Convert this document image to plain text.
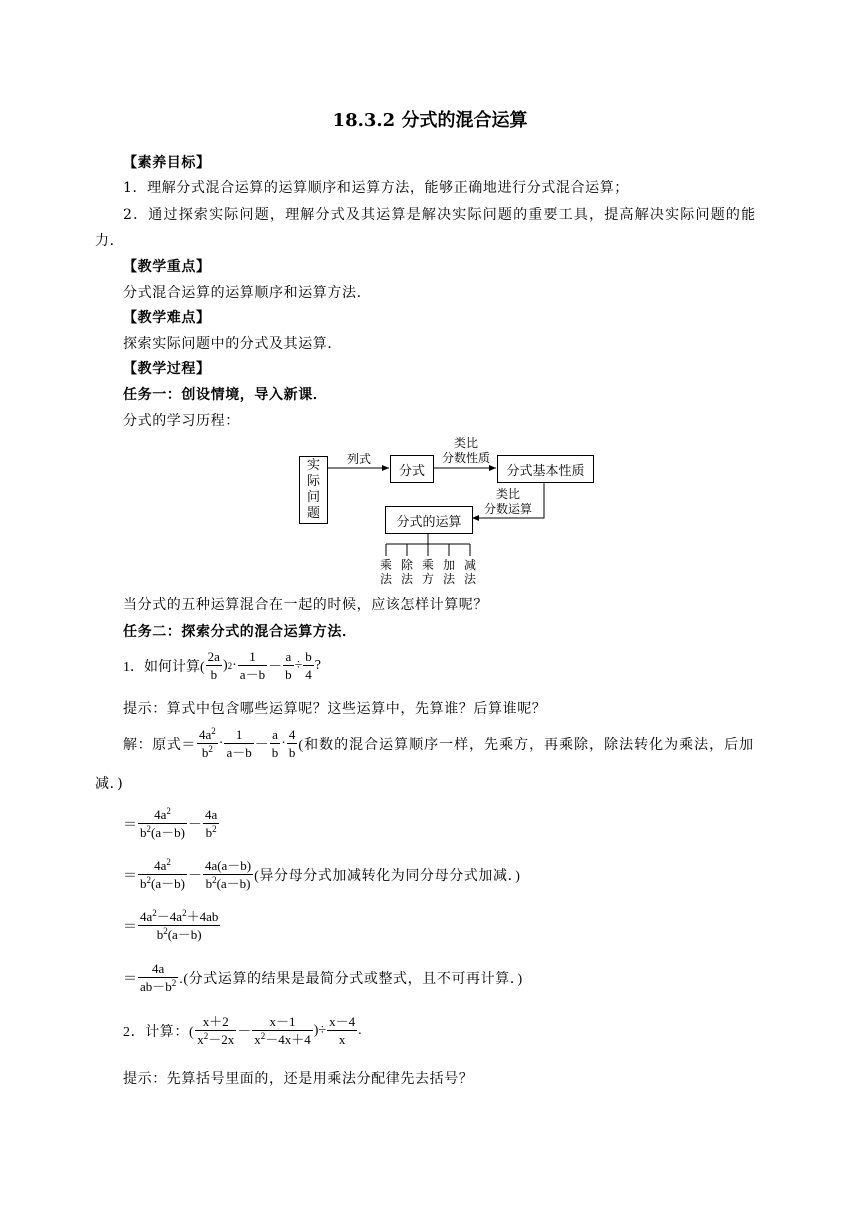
18.3.2 分式的混合运算
【素养目标】
1．理解分式混合运算的运算顺序和运算方法，能够正确地进行分式混合运算；
2．通过探索实际问题，理解分式及其运算是解决实际问题的重要工具，提高解决实际问题的能
力．
【教学重点】
分式混合运算的运算顺序和运算方法．
【教学难点】
探索实际问题中的分式及其运算．
【教学过程】
任务一：创设情境，导入新课．
分式的学习历程：
实
际
问
题
列式
分式
类比
分数性质
分式基本性质
类比
分数运算
分式的运算
乘
法
除
法
乘
方
加
法
减
法
当分式的五种运算混合在一起的时候，应该怎样计算呢？
任务二：探索分式的混合运算方法．
1．如何计算( $\frac{2a}{b}$ ) $2 \cdot \frac{1}{a-b} - \frac{a}{b} \div \frac{b}{4}$ ?
提示：算式中包含哪些运算呢？这些运算中，先算谁？后算谁呢？
解：原式＝ $\frac{4a^2}{b^2} \cdot \frac{1}{a-b} - \frac{a}{b} \cdot \frac{4}{b}$ (和数的混合运算顺序一样，先乘方，再乘除，除法转化为乘法，后加
减．)
＝ $\frac{4a^2}{b^2(a-b)} - \frac{4a}{b^2}$
＝ $\frac{4a^2}{b^2(a-b)} - \frac{4a(a-b)}{b^2(a-b)}$ (异分母分式加减转化为同分母分式加减．)
＝ $\frac{4a^2-4a^2+4ab}{b^2(a-b)}$
＝ $\frac{4a}{ab-b^2}$ .(分式运算的结果是最简分式或整式，且不可再计算．)
2．计算：( $\frac{x+2}{x^2-2x} - \frac{x-1}{x^2-4x+4}$ )÷ $\frac{x-4}{x}$ .
提示：先算括号里面的，还是用乘法分配律先去括号？
